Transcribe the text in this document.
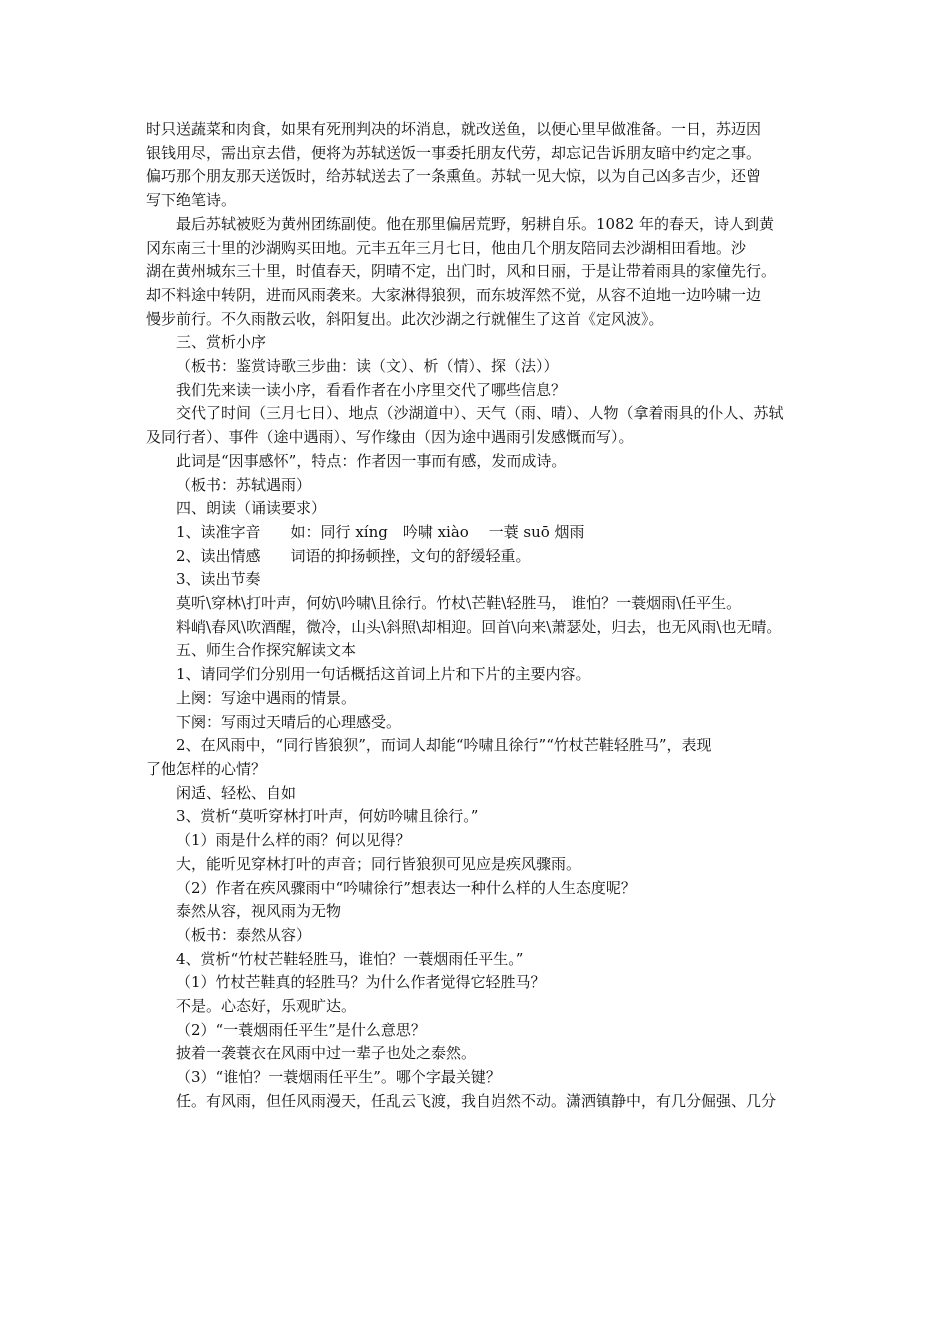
时只送蔬菜和肉食，如果有死刑判决的坏消息，就改送鱼，以便心里早做准备。一日，苏迈因

银钱用尽，需出京去借，便将为苏轼送饭一事委托朋友代劳，却忘记告诉朋友暗中约定之事。

偏巧那个朋友那天送饭时，给苏轼送去了一条熏鱼。苏轼一见大惊，以为自己凶多吉少，还曾

写下绝笔诗。

最后苏轼被贬为黄州团练副使。他在那里偏居荒野，躬耕自乐。1082 年的春天，诗人到黄

冈东南三十里的沙湖购买田地。元丰五年三月七日，他由几个朋友陪同去沙湖相田看地。沙

湖在黄州城东三十里，时值春天，阴晴不定，出门时，风和日丽，于是让带着雨具的家僮先行。

却不料途中转阴，进而风雨袭来。大家淋得狼狈，而东坡浑然不觉，从容不迫地一边吟啸一边

慢步前行。不久雨散云收，斜阳复出。此次沙湖之行就催生了这首《定风波》。

三、赏析小序

（板书：鉴赏诗歌三步曲：读（文）、析（情）、探（法））

我们先来读一读小序，看看作者在小序里交代了哪些信息？

交代了时间（三月七日）、地点（沙湖道中）、天气（雨、晴）、人物（拿着雨具的仆人、苏轼

及同行者）、事件（途中遇雨）、写作缘由（因为途中遇雨引发感慨而写）。

此词是“因事感怀”，特点：作者因一事而有感，发而成诗。

（板书：苏轼遇雨）

四、朗读（诵读要求）

1、读准字音　　如：同行 xíng　吟啸 xiào　 一蓑 suō 烟雨

2、读出情感　　词语的抑扬顿挫，文句的舒缓轻重。

3、读出节奏

莫听\穿林\打叶声，何妨\吟啸\且徐行。竹杖\芒鞋\轻胜马， 谁怕？一蓑烟雨\任平生。

料峭\春风\吹酒醒，微冷，山头\斜照\却相迎。回首\向来\萧瑟处，归去，也无风雨\也无晴。

五、师生合作探究解读文本

1、请同学们分别用一句话概括这首词上片和下片的主要内容。

上阕：写途中遇雨的情景。

下阕：写雨过天晴后的心理感受。

2、在风雨中，“同行皆狼狈”，而词人却能“吟啸且徐行”“竹杖芒鞋轻胜马”，表现

了他怎样的心情？

闲适、轻松、自如

3、赏析“莫听穿林打叶声，何妨吟啸且徐行。”

（1）雨是什么样的雨？何以见得？

大，能听见穿林打叶的声音；同行皆狼狈可见应是疾风骤雨。

（2）作者在疾风骤雨中“吟啸徐行”想表达一种什么样的人生态度呢？

泰然从容，视风雨为无物

（板书：泰然从容）

4、赏析“竹杖芒鞋轻胜马，谁怕？一蓑烟雨任平生。”

（1）竹杖芒鞋真的轻胜马？为什么作者觉得它轻胜马？

不是。心态好，乐观旷达。

（2）“一蓑烟雨任平生”是什么意思？

披着一袭蓑衣在风雨中过一辈子也处之泰然。

（3）“谁怕？一蓑烟雨任平生”。哪个字最关键？

任。有风雨，但任风雨漫天，任乱云飞渡，我自岿然不动。潇洒镇静中，有几分倔强、几分
